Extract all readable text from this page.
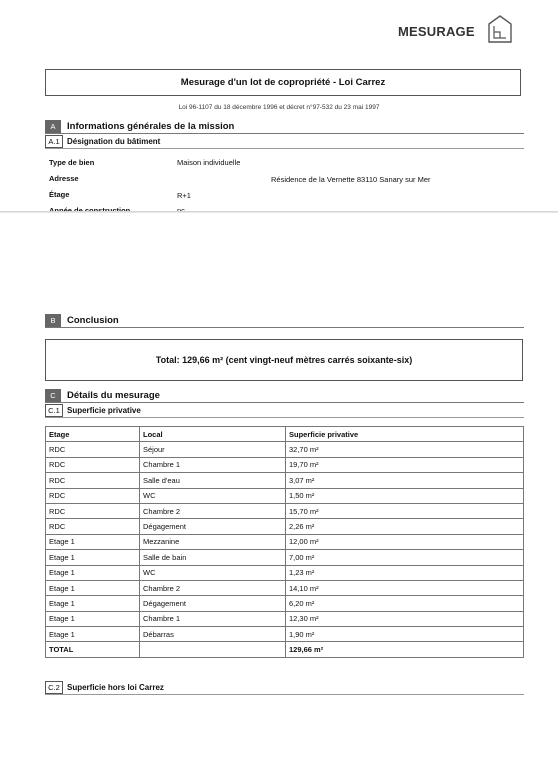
MESURAGE
Mesurage d'un lot de copropriété - Loi Carrez
Loi 96-1107 du 18 décembre 1996 et décret n°97-532 du 23 mai 1997
A	Informations générales de la mission
A.1 Désignation du bâtiment
Type de bien	Maison individuelle
Adresse	Résidence de la Vernette 83110 Sanary sur Mer
Étage	R+1
B	Conclusion
Total: 129,66 m² (cent vingt-neuf mètres carrés soixante-six)
C	Détails du mesurage
C.1 Superficie privative
Etage	Local	Superficie privative
RDC	Séjour	32,70 m²
RDC	Chambre 1	19,70 m²
RDC	Salle d'eau	3,07 m²
RDC	WC	1,50 m²
RDC	Chambre 2	15,70 m²
RDC	Dégagement	2,26 m²
Etage 1	Mezzanine	12,00 m²
Etage 1	Salle de bain	7,00 m²
Etage 1	WC	1,23 m²
Etage 1	Chambre 2	14,10 m²
Etage 1	Dégagement	6,20 m²
Etage 1	Chambre 1	12,30 m²
Etage 1	Débarras	1,90 m²
TOTAL		129,66 m²
C.2 Superficie hors loi Carrez
